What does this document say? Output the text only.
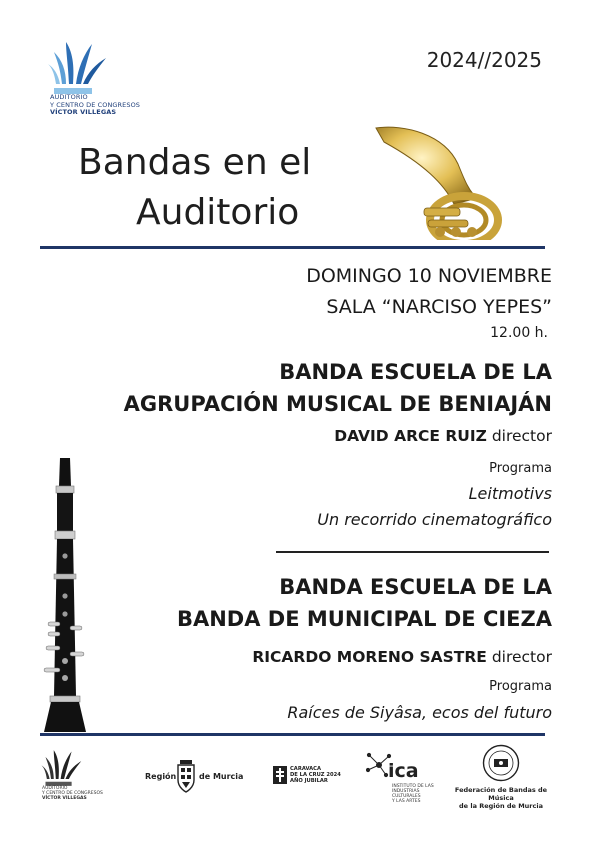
AUDITORIO
Y CENTRO DE CONGRESOS
VÍCTOR VILLEGAS
2024//2025
Bandas en el
Auditorio
DOMINGO 10 NOVIEMBRE
SALA “NARCISO YEPES”
12.00 h.
BANDA ESCUELA DE LA
AGRUPACIÓN MUSICAL DE BENIAJÁN
DAVID ARCE RUIZ director
Programa
Leitmotivs
Un recorrido cinematográfico
BANDA ESCUELA DE LA
BANDA DE MUNICIPAL DE CIEZA
RICARDO MORENO SASTRE director
Programa
Raíces de Siyâsa, ecos del futuro
AUDITORIO
Y CENTRO DE CONGRESOS
VÍCTOR VILLEGAS
Región	de Murcia
CARAVACA
DE LA CRUZ 2024
AÑO JUBILAR	ica
INSTITUTO DE LAS
INDUSTRIAS CULTURALES
Y LAS ARTES
Federación de Bandas de Música
de la Región de Murcia
